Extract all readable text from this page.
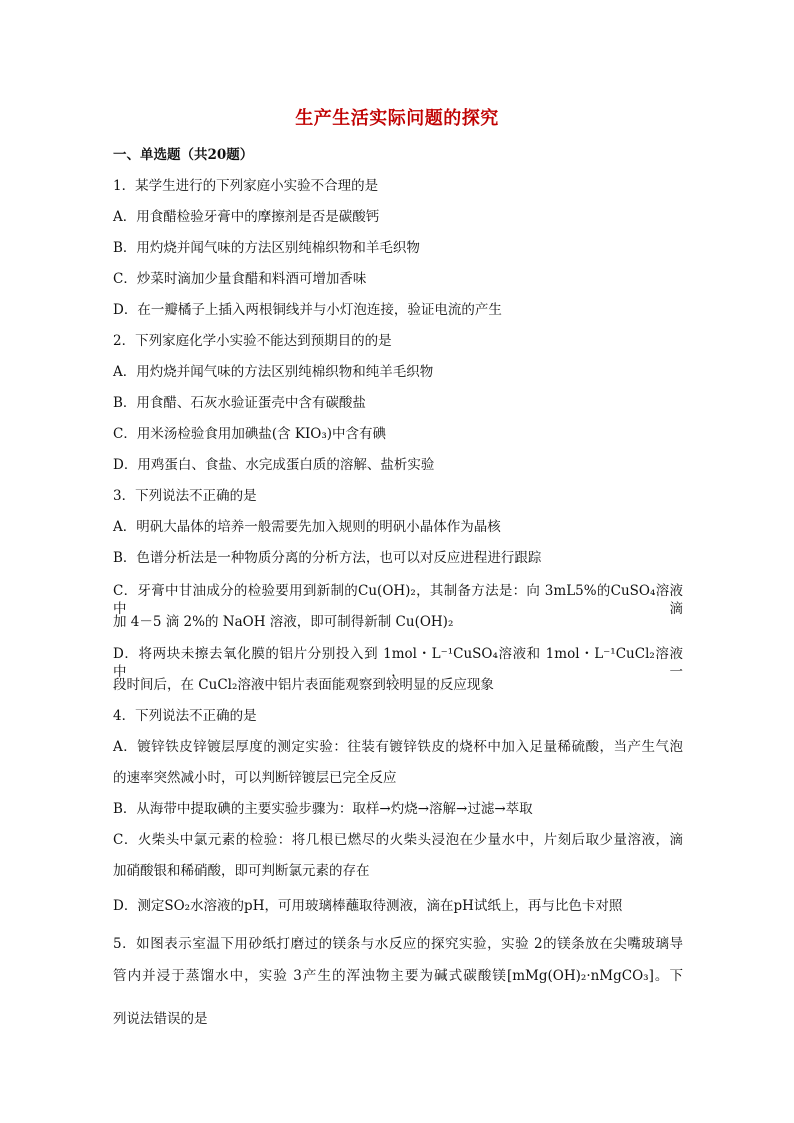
生产生活实际问题的探究
一、单选题（共20题）
1．某学生进行的下列家庭小实验不合理的是
A．用食醋检验牙膏中的摩擦剂是否是碳酸钙
B．用灼烧并闻气味的方法区别纯棉织物和羊毛织物
C．炒菜时滴加少量食醋和料酒可增加香味
D．在一瓣橘子上插入两根铜线并与小灯泡连接，验证电流的产生
2．下列家庭化学小实验不能达到预期目的的是
A．用灼烧并闻气味的方法区别纯棉织物和纯羊毛织物
B．用食醋、石灰水验证蛋壳中含有碳酸盐
C．用米汤检验食用加碘盐(含 KIO₃)中含有碘
D．用鸡蛋白、食盐、水完成蛋白质的溶解、盐析实验
3．下列说法不正确的是
A．明矾大晶体的培养一般需要先加入规则的明矾小晶体作为晶核
B．色谱分析法是一种物质分离的分析方法，也可以对反应进程进行跟踪
C．牙膏中甘油成分的检验要用到新制的Cu(OH)₂，其制备方法是：向 3mL5%的CuSO₄溶液中滴
加 4－5 滴 2%的 NaOH 溶液，即可制得新制 Cu(OH)₂
D．将两块未擦去氧化膜的铝片分别投入到 1mol・L⁻¹CuSO₄溶液和 1mol・L⁻¹CuCl₂溶液中，一
段时间后，在 CuCl₂溶液中铝片表面能观察到较明显的反应现象
4．下列说法不正确的是
A．镀锌铁皮锌镀层厚度的测定实验：往装有镀锌铁皮的烧杯中加入足量稀硫酸，当产生气泡
的速率突然减小时，可以判断锌镀层已完全反应
B．从海带中提取碘的主要实验步骤为：取样→灼烧→溶解→过滤→萃取
C．火柴头中氯元素的检验：将几根已燃尽的火柴头浸泡在少量水中，片刻后取少量溶液，滴
加硝酸银和稀硝酸，即可判断氯元素的存在
D．测定SO₂水溶液的pH，可用玻璃棒蘸取待测液，滴在pH试纸上，再与比色卡对照
5．如图表示室温下用砂纸打磨过的镁条与水反应的探究实验，实验 2的镁条放在尖嘴玻璃导
管内并浸于蒸馏水中，实验 3产生的浑浊物主要为碱式碳酸镁[mMg(OH)₂·nMgCO₃]。下
列说法错误的是
